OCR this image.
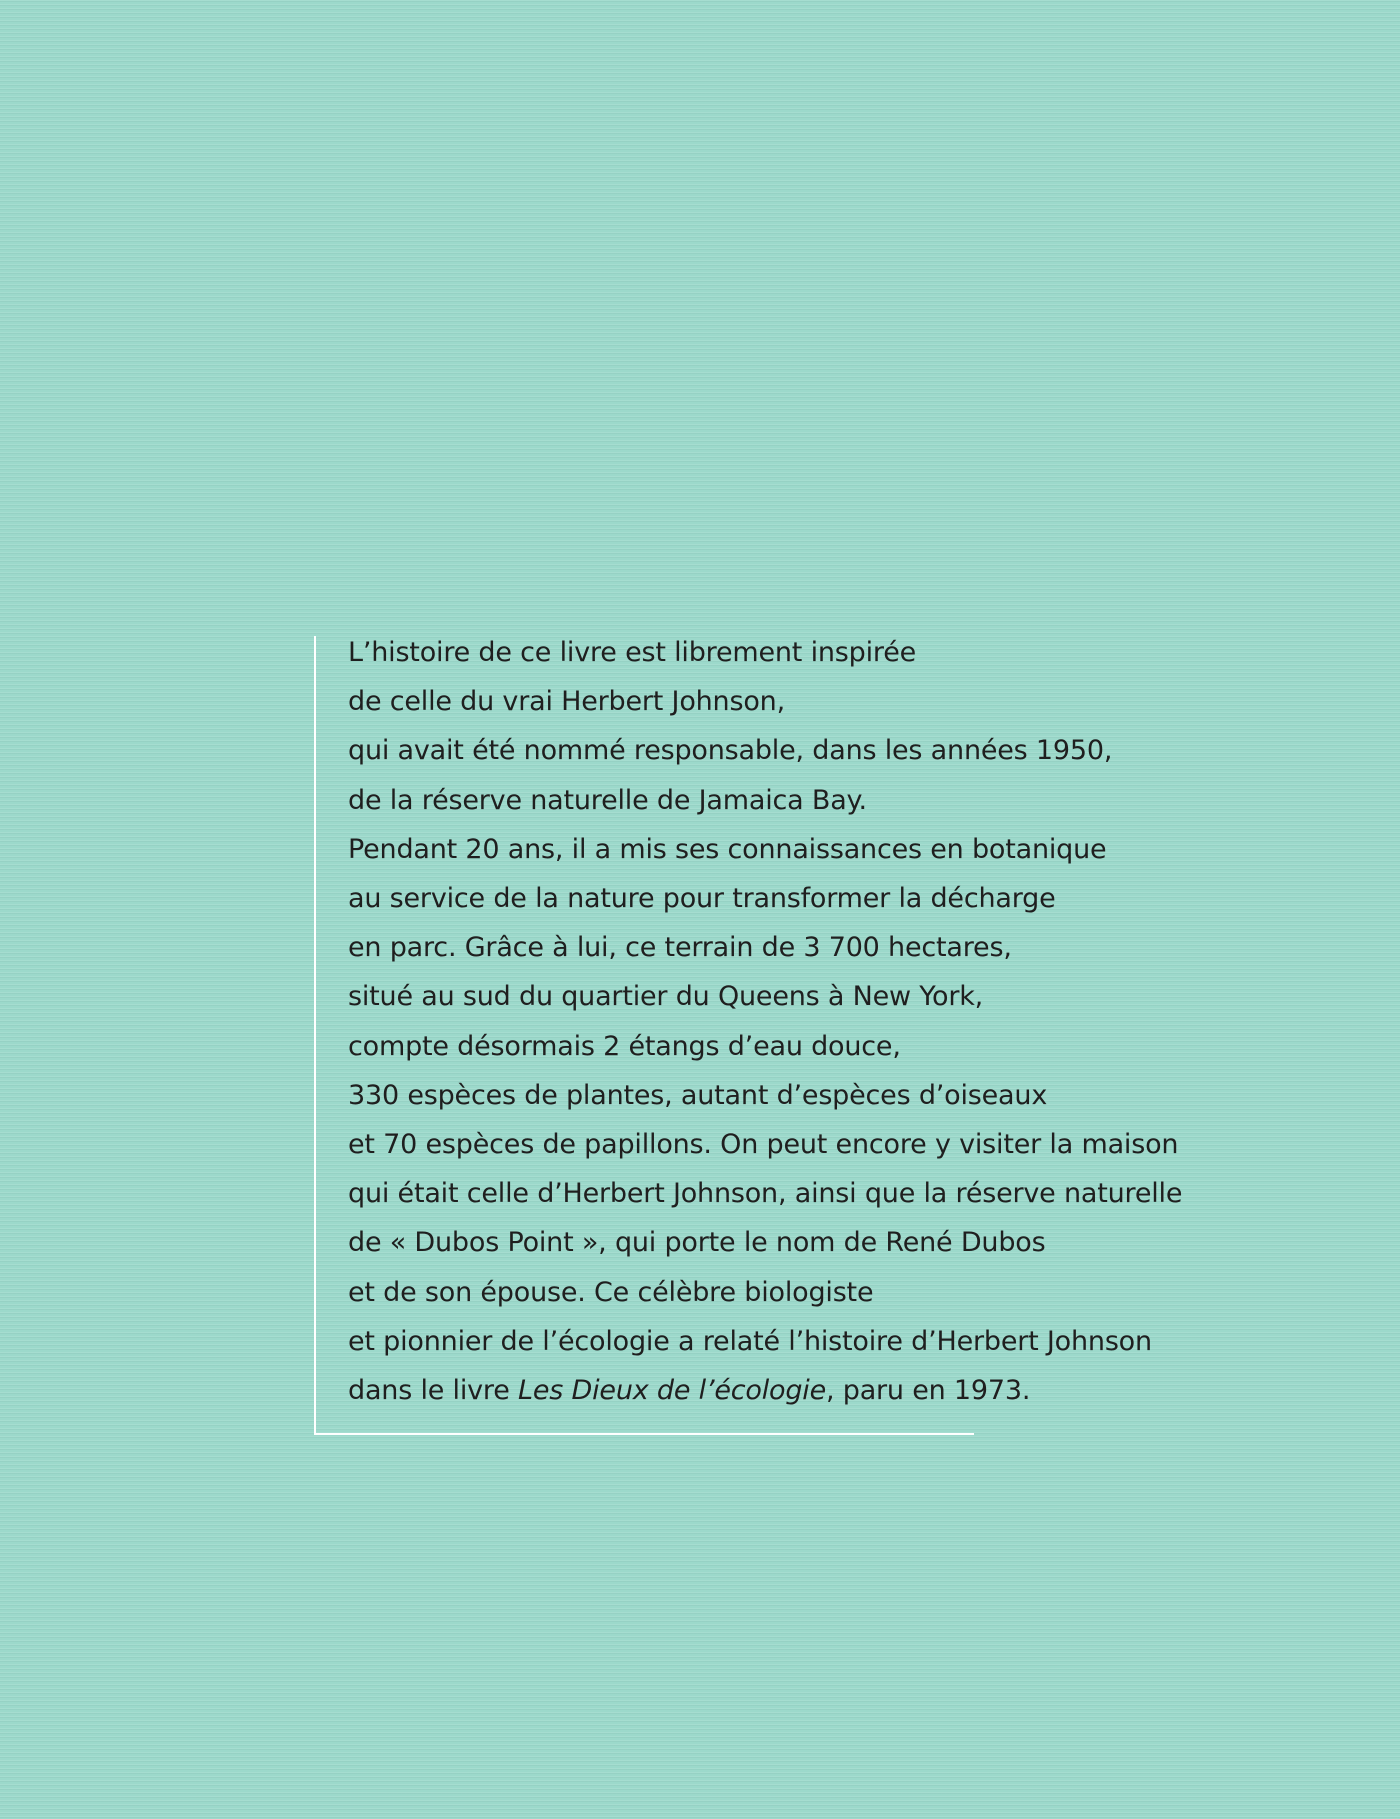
L’histoire de ce livre est librement inspirée
de celle du vrai Herbert Johnson,
qui avait été nommé responsable, dans les années 1950,
de la réserve naturelle de Jamaica Bay.
Pendant 20 ans, il a mis ses connaissances en botanique
au service de la nature pour transformer la décharge
en parc. Grâce à lui, ce terrain de 3 700 hectares,
situé au sud du quartier du Queens à New York,
compte désormais 2 étangs d’eau douce,
330 espèces de plantes, autant d’espèces d’oiseaux
et 70 espèces de papillons. On peut encore y visiter la maison
qui était celle d’Herbert Johnson, ainsi que la réserve naturelle
de « Dubos Point », qui porte le nom de René Dubos
et de son épouse. Ce célèbre biologiste
et pionnier de l’écologie a relaté l’histoire d’Herbert Johnson
dans le livre Les Dieux de l’écologie, paru en 1973.
